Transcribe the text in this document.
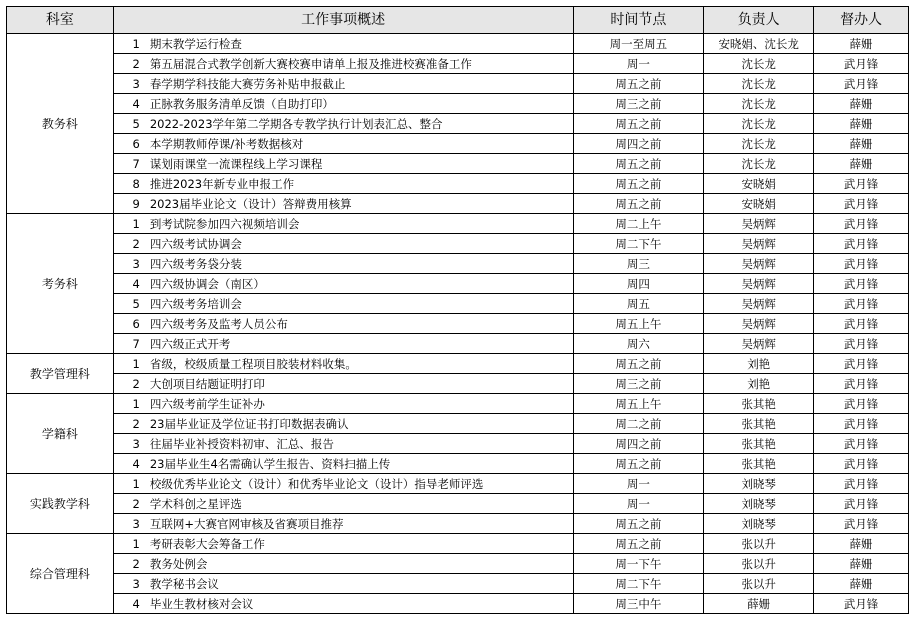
科室	工作事项概述	时间节点	负责人	督办人
教务科	1 期末教学运行检查	周一至周五	安晓娟、沈长龙	薛姗
	2 第五届混合式教学创新大赛校赛申请单上报及推进校赛准备工作	周一	沈长龙	武月锋
	3 春学期学科技能大赛劳务补贴申报截止	周五之前	沈长龙	武月锋
	4 正脉教务服务清单反馈（自助打印）	周三之前	沈长龙	薛姗
	5 2022-2023学年第二学期各专教学执行计划表汇总、整合	周五之前	沈长龙	薛姗
	6 本学期教师停课/补考数据核对	周四之前	沈长龙	薛姗
	7 谋划雨课堂一流课程线上学习课程	周五之前	沈长龙	薛姗
	8 推进2023年新专业申报工作	周五之前	安晓娟	武月锋
	9 2023届毕业论文（设计）答辩费用核算	周五之前	安晓娟	武月锋
考务科	1 到考试院参加四六视频培训会	周二上午	吴炳辉	武月锋
	2 四六级考试协调会	周二下午	吴炳辉	武月锋
	3 四六级考务袋分装	周三	吴炳辉	武月锋
	4 四六级协调会（南区）	周四	吴炳辉	武月锋
	5 四六级考务培训会	周五	吴炳辉	武月锋
	6 四六级考务及监考人员公布	周五上午	吴炳辉	武月锋
	7 四六级正式开考	周六	吴炳辉	武月锋
教学管理科	1 省级，校级质量工程项目胶装材料收集。	周五之前	刘艳	武月锋
	2 大创项目结题证明打印	周三之前	刘艳	武月锋
学籍科	1 四六级考前学生证补办	周五上午	张其艳	武月锋
	2 23届毕业证及学位证书打印数据表确认	周二之前	张其艳	武月锋
	3 往届毕业补授资料初审、汇总、报告	周四之前	张其艳	武月锋
	4 23届毕业生4名需确认学生报告、资料扫描上传	周五之前	张其艳	武月锋
实践教学科	1 校级优秀毕业论文（设计）和优秀毕业论文（设计）指导老师评选	周一	刘晓琴	武月锋
	2 学术科创之星评选	周一	刘晓琴	武月锋
	3 互联网+大赛官网审核及省赛项目推荐	周五之前	刘晓琴	武月锋
综合管理科	1 考研表彰大会筹备工作	周五之前	张以升	薛姗
	2 教务处例会	周一下午	张以升	薛姗
	3 教学秘书会议	周二下午	张以升	薛姗
	4 毕业生教材核对会议	周三中午	薛姗	武月锋
